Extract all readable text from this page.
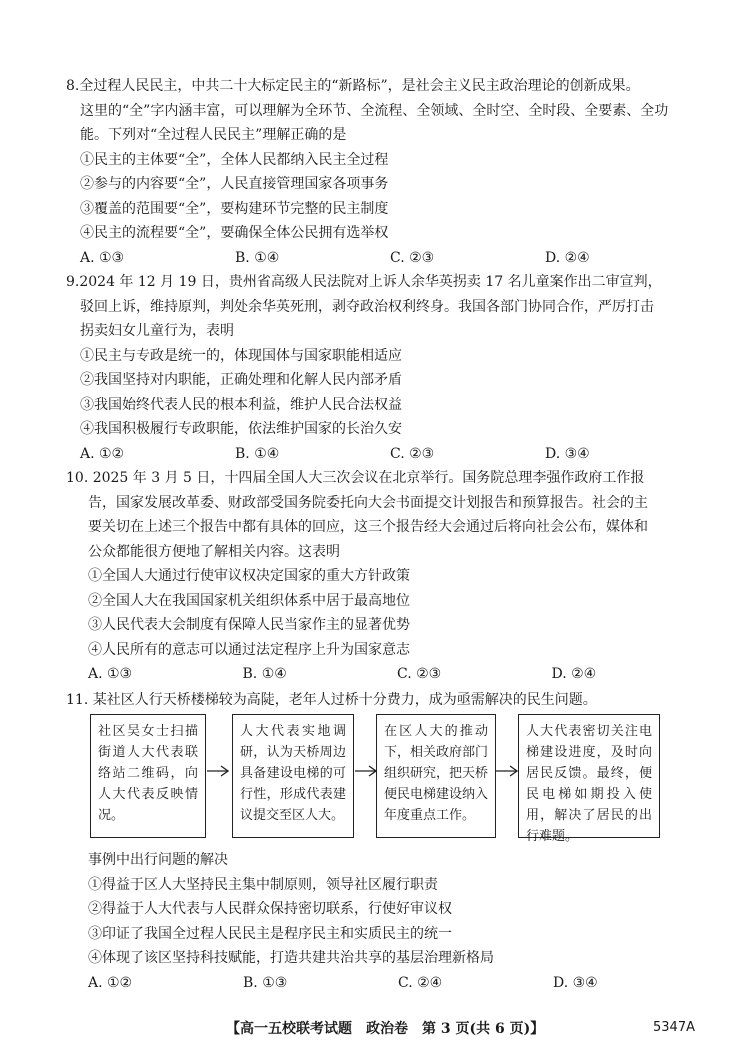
8.全过程人民民主，中共二十大标定民主的“新路标”，是社会主义民主政治理论的创新成果。
这里的“全”字内涵丰富，可以理解为全环节、全流程、全领域、全时空、全时段、全要素、全功
能。下列对“全过程人民民主”理解正确的是
①民主的主体要“全”，全体人民都纳入民主全过程
②参与的内容要“全”，人民直接管理国家各项事务
③覆盖的范围要“全”，要构建环节完整的民主制度
④民主的流程要“全”，要确保全体公民拥有选举权
A. ①③	B. ①④	C. ②③	D. ②④
9.2024 年 12 月 19 日，贵州省高级人民法院对上诉人余华英拐卖 17 名儿童案作出二审宣判，
驳回上诉，维持原判，判处余华英死刑，剥夺政治权利终身。我国各部门协同合作，严厉打击
拐卖妇女儿童行为，表明
①民主与专政是统一的，体现国体与国家职能相适应
②我国坚持对内职能，正确处理和化解人民内部矛盾
③我国始终代表人民的根本利益，维护人民合法权益
④我国积极履行专政职能，依法维护国家的长治久安
A. ①②	B. ①④	C. ②③	D. ③④
10. 2025 年 3 月 5 日，十四届全国人大三次会议在北京举行。国务院总理李强作政府工作报
告，国家发展改革委、财政部受国务院委托向大会书面提交计划报告和预算报告。社会的主
要关切在上述三个报告中都有具体的回应，这三个报告经大会通过后将向社会公布，媒体和
公众都能很方便地了解相关内容。这表明
①全国人大通过行使审议权决定国家的重大方针政策
②全国人大在我国国家机关组织体系中居于最高地位
③人民代表大会制度有保障人民当家作主的显著优势
④人民所有的意志可以通过法定程序上升为国家意志
A. ①③	B. ①④	C. ②③	D. ②④
11. 某社区人行天桥楼梯较为高陡，老年人过桥十分费力，成为亟需解决的民生问题。
社区吴女士扫描街道人大代表联络站二维码，向人大代表反映情况。
人大代表实地调研，认为天桥周边具备建设电梯的可行性，形成代表建议提交至区人大。
在区人大的推动下，相关政府部门组织研究，把天桥便民电梯建设纳入年度重点工作。
人大代表密切关注电梯建设进度，及时向居民反馈。最终，便民电梯如期投入使用，解决了居民的出行难题。
事例中出行问题的解决
①得益于区人大坚持民主集中制原则，领导社区履行职责
②得益于人大代表与人民群众保持密切联系，行使好审议权
③印证了我国全过程人民民主是程序民主和实质民主的统一
④体现了该区坚持科技赋能，打造共建共治共享的基层治理新格局
A. ①②	B. ①③	C. ②④	D. ③④
【高一五校联考试题　政治卷　第 3 页(共 6 页)】	5347A
